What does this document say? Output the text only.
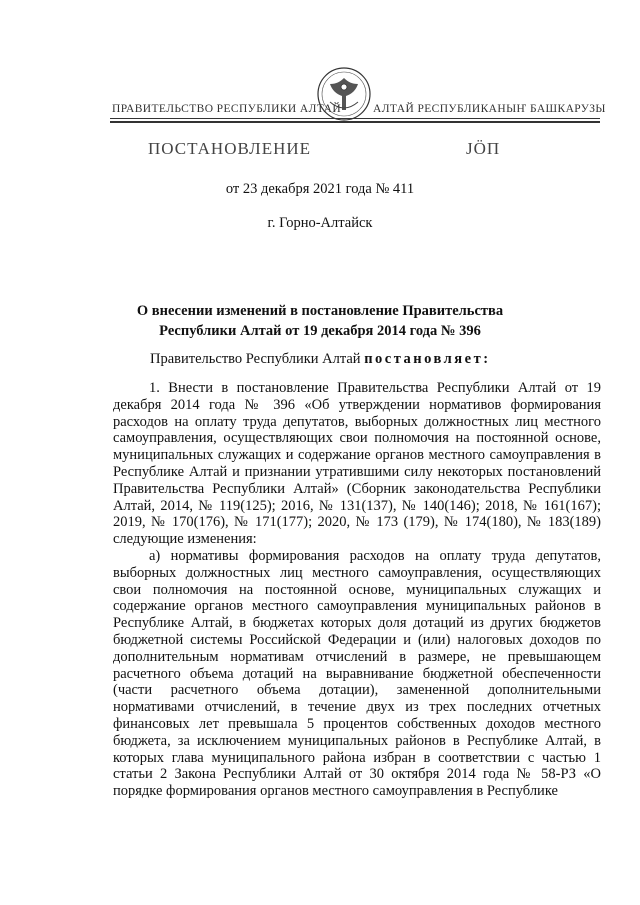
ПРАВИТЕЛЬСТВО РЕСПУБЛИКИ АЛТАЙ	АЛТАЙ РЕСПУБЛИКАНЫҤ БАШКАРУЗЫ
ПОСТАНОВЛЕНИЕ	ЈӦП
от 23 декабря 2021 года № 411
г. Горно-Алтайск
О внесении изменений в постановление Правительства Республики Алтай от 19 декабря 2014 года № 396
Правительство Республики Алтай постановляет:

1. Внести в постановление Правительства Республики Алтай от 19 декабря 2014 года № 396 «Об утверждении нормативов формирования расходов на оплату труда депутатов, выборных должностных лиц местного самоуправления, осуществляющих свои полномочия на постоянной основе, муниципальных служащих и содержание органов местного самоуправления в Республике Алтай и признании утратившими силу некоторых постановлений Правительства Республики Алтай» (Сборник законодательства Республики Алтай, 2014, № 119(125); 2016, № 131(137), № 140(146); 2018, № 161(167); 2019, № 170(176), № 171(177); 2020, № 173 (179), № 174(180), № 183(189) следующие изменения:

а) нормативы формирования расходов на оплату труда депутатов, выборных должностных лиц местного самоуправления, осуществляющих свои полномочия на постоянной основе, муниципальных служащих и содержание органов местного самоуправления муниципальных районов в Республике Алтай, в бюджетах которых доля дотаций из других бюджетов бюджетной системы Российской Федерации и (или) налоговых доходов по дополнительным нормативам отчислений в размере, не превышающем расчетного объема дотаций на выравнивание бюджетной обеспеченности (части расчетного объема дотации), замененной дополнительными нормативами отчислений, в течение двух из трех последних отчетных финансовых лет превышала 5 процентов собственных доходов местного бюджета, за исключением муниципальных районов в Республике Алтай, в которых глава муниципального района избран в соответствии с частью 1 статьи 2 Закона Республики Алтай от 30 октября 2014 года № 58-РЗ «О порядке формирования органов местного самоуправления в Республике
